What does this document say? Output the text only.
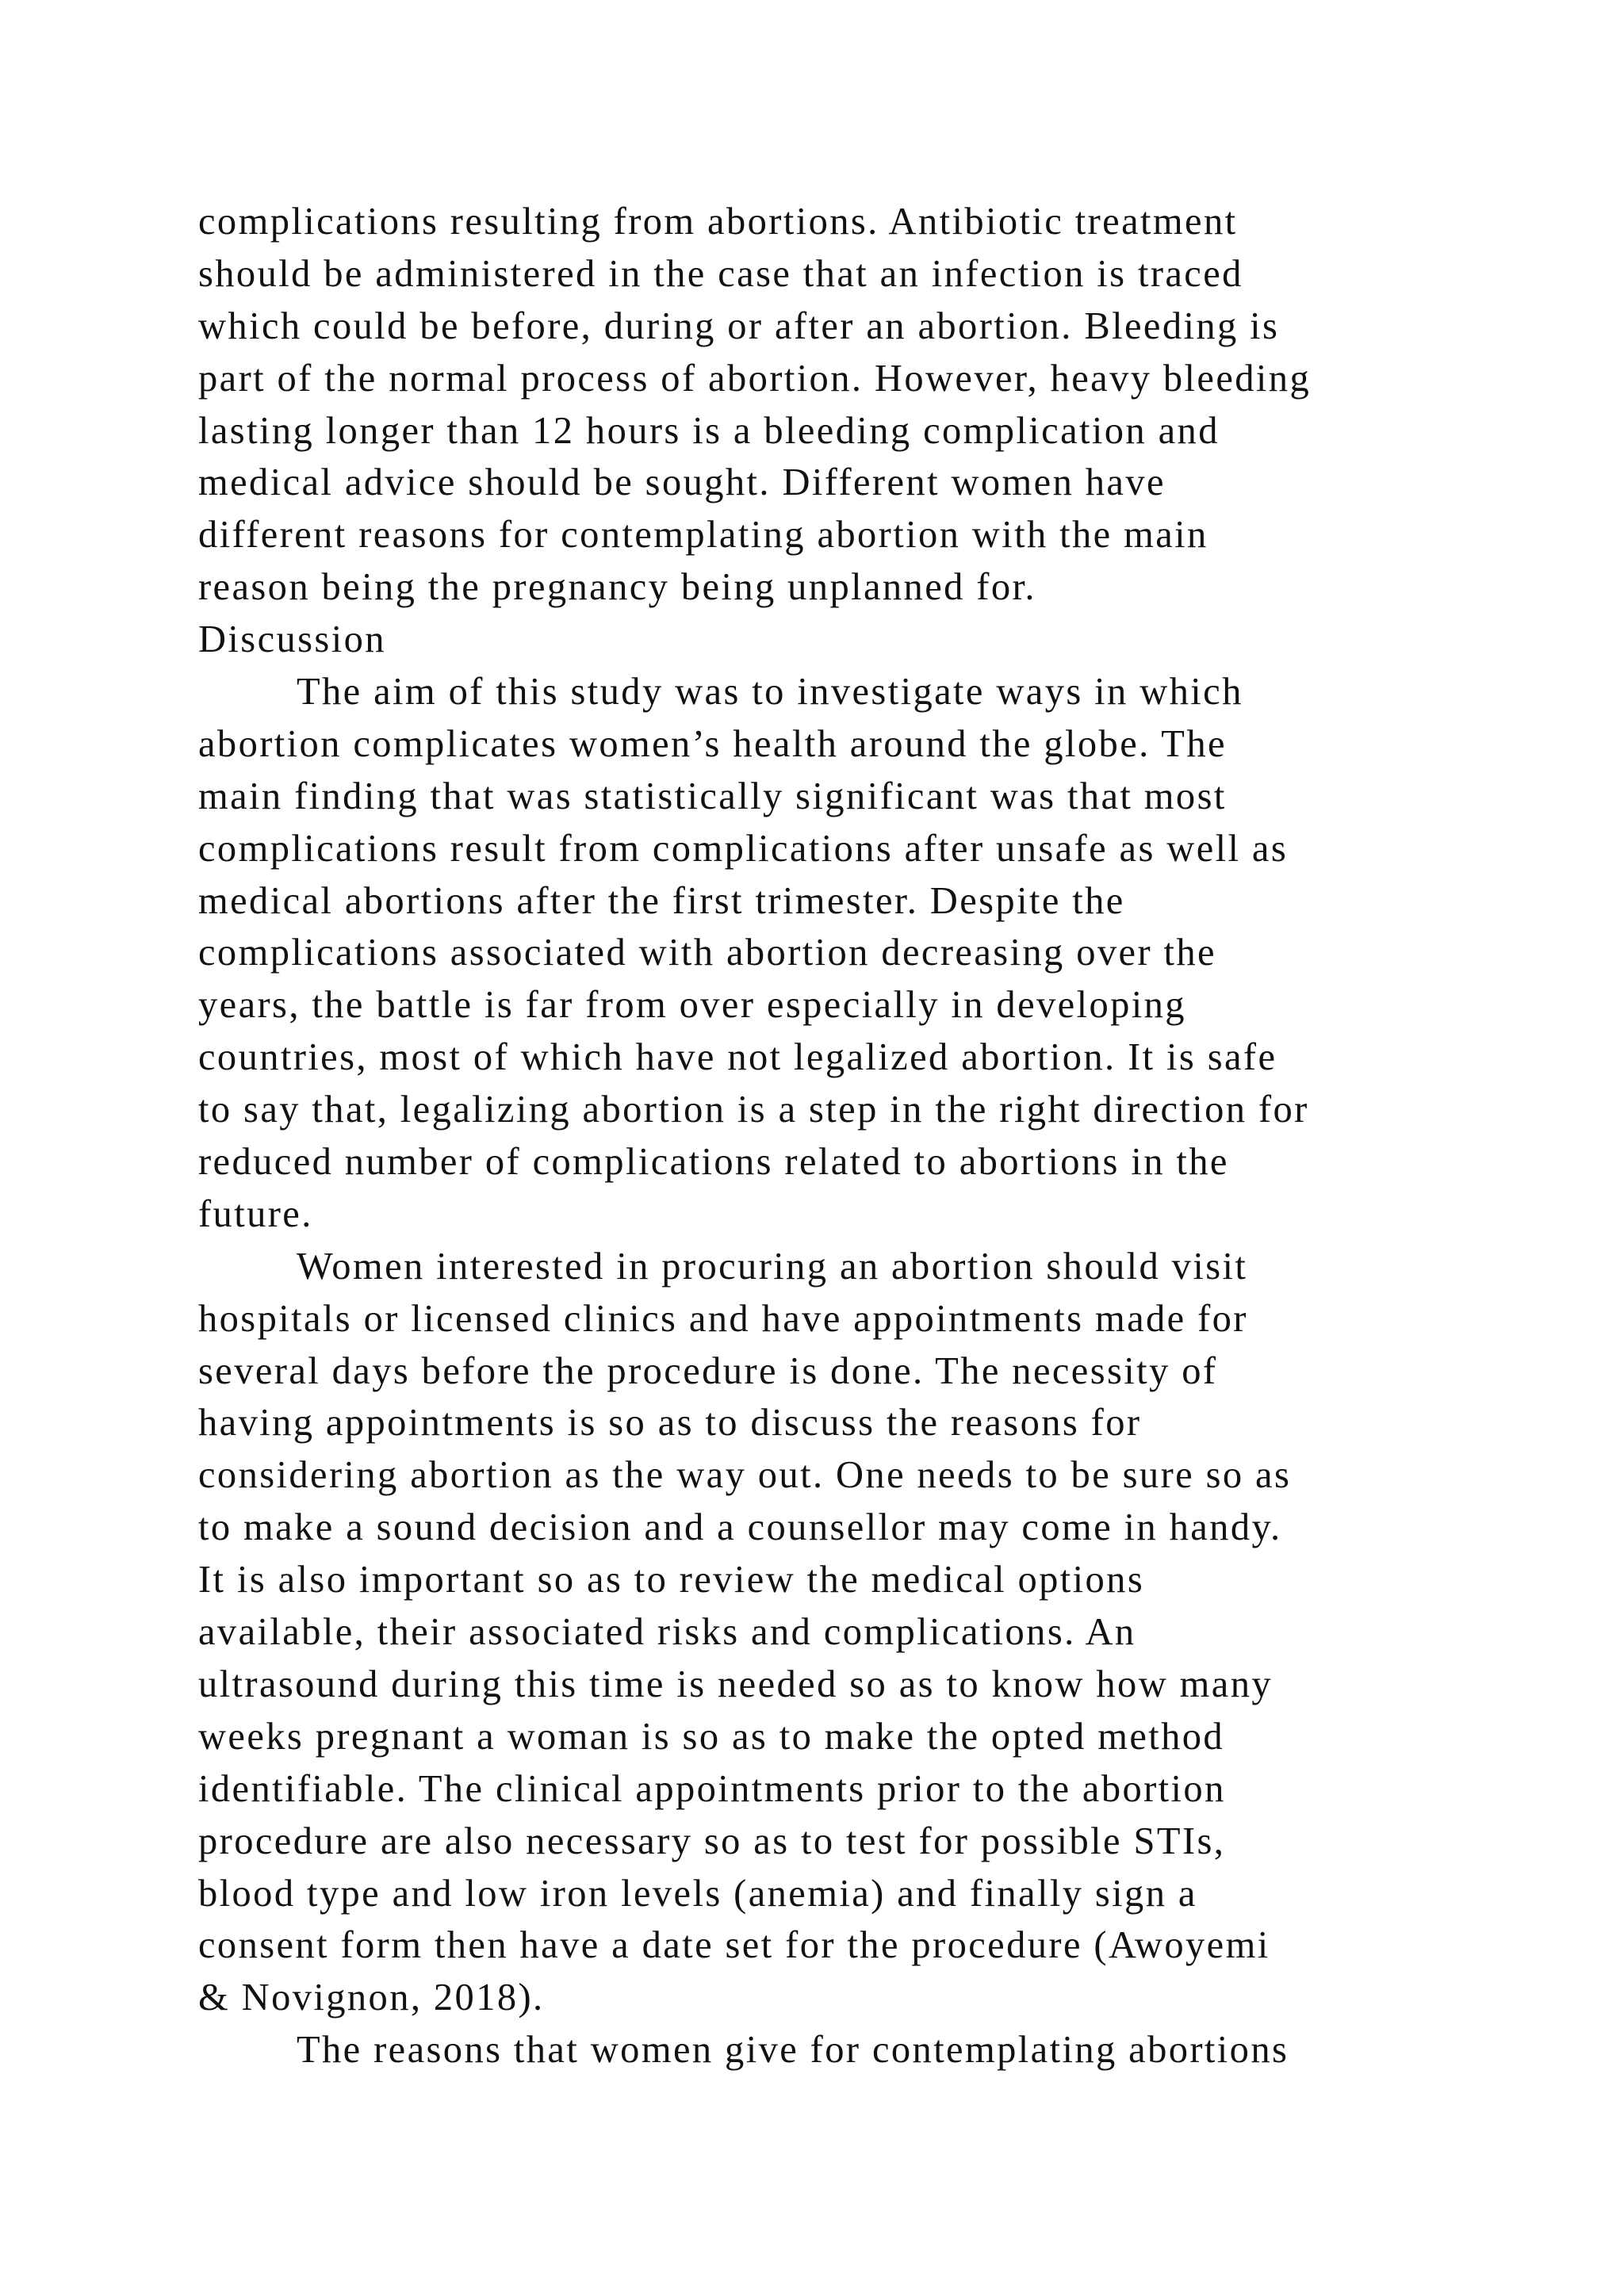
complications resulting from abortions. Antibiotic treatment
should be administered in the case that an infection is traced
which could be before, during or after an abortion. Bleeding is
part of the normal process of abortion. However, heavy bleeding
lasting longer than 12 hours is a bleeding complication and
medical advice should be sought. Different women have
different reasons for contemplating abortion with the main
reason being the pregnancy being unplanned for.
Discussion
The aim of this study was to investigate ways in which
abortion complicates women’s health around the globe. The
main finding that was statistically significant was that most
complications result from complications after unsafe as well as
medical abortions after the first trimester. Despite the
complications associated with abortion decreasing over the
years, the battle is far from over especially in developing
countries, most of which have not legalized abortion. It is safe
to say that, legalizing abortion is a step in the right direction for
reduced number of complications related to abortions in the
future.
Women interested in procuring an abortion should visit
hospitals or licensed clinics and have appointments made for
several days before the procedure is done. The necessity of
having appointments is so as to discuss the reasons for
considering abortion as the way out. One needs to be sure so as
to make a sound decision and a counsellor may come in handy.
It is also important so as to review the medical options
available, their associated risks and complications. An
ultrasound during this time is needed so as to know how many
weeks pregnant a woman is so as to make the opted method
identifiable. The clinical appointments prior to the abortion
procedure are also necessary so as to test for possible STIs,
blood type and low iron levels (anemia) and finally sign a
consent form then have a date set for the procedure (Awoyemi
& Novignon, 2018).
The reasons that women give for contemplating abortions
